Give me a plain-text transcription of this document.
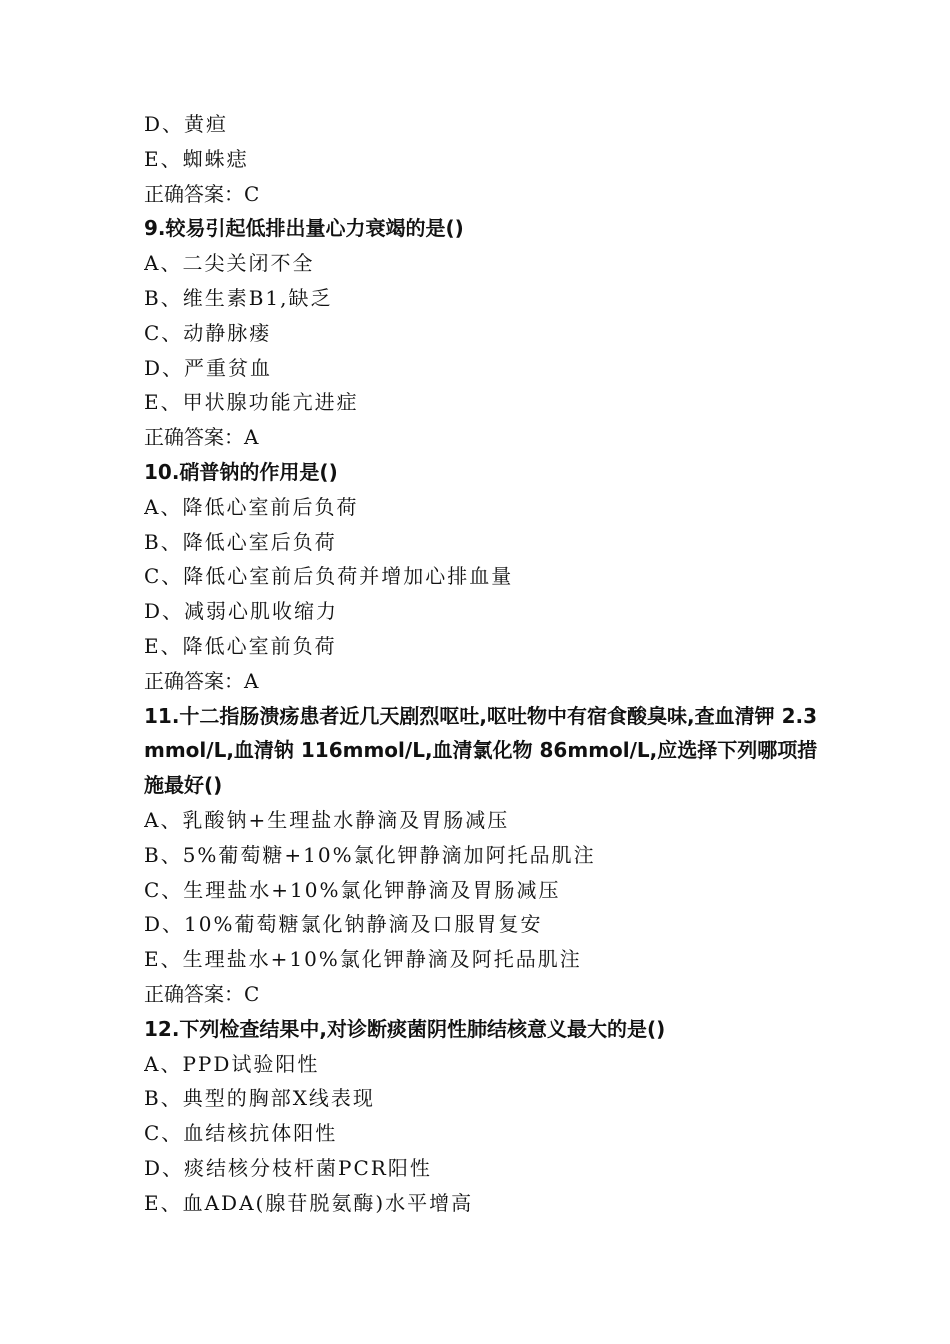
D、黄疸
E、蜘蛛痣
正确答案：C
9.较易引起低排出量心力衰竭的是()
A、二尖关闭不全
B、维生素B1,缺乏
C、动静脉瘘
D、严重贫血
E、甲状腺功能亢进症
正确答案：A
10.硝普钠的作用是()
A、降低心室前后负荷
B、降低心室后负荷
C、降低心室前后负荷并增加心排血量
D、减弱心肌收缩力
E、降低心室前负荷
正确答案：A
11.十二指肠溃疡患者近几天剧烈呕吐,呕吐物中有宿食酸臭味,查血清钾 2.3mmol/L,血清钠 116mmol/L,血清氯化物 86mmol/L,应选择下列哪项措施最好()
A、乳酸钠+生理盐水静滴及胃肠减压
B、5%葡萄糖+10%氯化钾静滴加阿托品肌注
C、生理盐水+10%氯化钾静滴及胃肠减压
D、10%葡萄糖氯化钠静滴及口服胃复安
E、生理盐水+10%氯化钾静滴及阿托品肌注
正确答案：C
12.下列检查结果中,对诊断痰菌阴性肺结核意义最大的是()
A、PPD试验阳性
B、典型的胸部X线表现
C、血结核抗体阳性
D、痰结核分枝杆菌PCR阳性
E、血ADA(腺苷脱氨酶)水平增高
